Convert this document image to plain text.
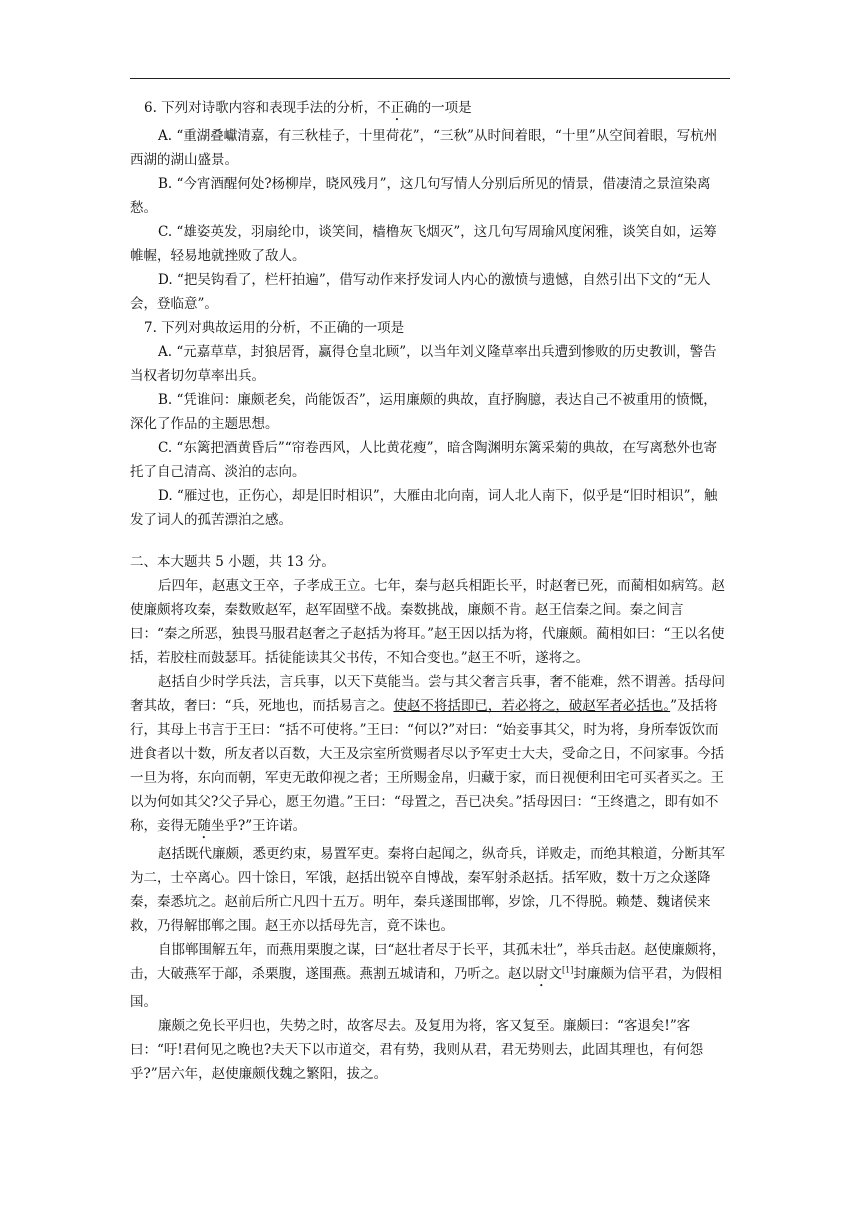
6. 下列对诗歌内容和表现手法的分析，不正确的一项是

A. “重湖叠巘清嘉，有三秋桂子，十里荷花”，“三秋”从时间着眼，“十里”从空间着眼，写杭州西湖的湖山盛景。

B. “今宵酒醒何处?杨柳岸，晓风残月”，这几句写情人分别后所见的情景，借凄清之景渲染离愁。

C. “雄姿英发，羽扇纶巾，谈笑间，樯橹灰飞烟灭”，这几句写周瑜风度闲雅，谈笑自如，运筹帷幄，轻易地就挫败了敌人。

D. “把吴钩看了，栏杆拍遍”，借写动作来抒发词人内心的激愤与遗憾，自然引出下文的“无人会，登临意”。

7. 下列对典故运用的分析，不正确的一项是

A. “元嘉草草，封狼居胥，赢得仓皇北顾”，以当年刘义隆草率出兵遭到惨败的历史教训，警告当权者切勿草率出兵。

B. “凭谁问：廉颇老矣，尚能饭否”，运用廉颇的典故，直抒胸臆，表达自己不被重用的愤慨，深化了作品的主题思想。

C. “东篱把酒黄昏后”“帘卷西风，人比黄花瘦”，暗含陶渊明东篱采菊的典故，在写离愁外也寄托了自己清高、淡泊的志向。

D. “雁过也，正伤心，却是旧时相识”，大雁由北向南，词人北人南下，似乎是“旧时相识”，触发了词人的孤苦漂泊之感。

二、本大题共 5 小题，共 13 分。

后四年，赵惠文王卒，子孝成王立。七年，秦与赵兵相距长平，时赵奢已死，而蔺相如病笃。赵使廉颇将攻秦，秦数败赵军，赵军固壁不战。秦数挑战，廉颇不肯。赵王信秦之间。秦之间言曰：“秦之所恶，独畏马服君赵奢之子赵括为将耳。”赵王因以括为将，代廉颇。蔺相如曰：“王以名使括，若胶柱而鼓瑟耳。括徒能读其父书传，不知合变也。”赵王不听，遂将之。

赵括自少时学兵法，言兵事，以天下莫能当。尝与其父奢言兵事，奢不能难，然不谓善。括母问奢其故，奢曰：“兵，死地也，而括易言之。使赵不将括即已，若必将之，破赵军者必括也。”及括将行，其母上书言于王曰：“括不可使将。”王曰：“何以?”对曰：“始妾事其父，时为将，身所奉饭饮而进食者以十数，所友者以百数，大王及宗室所赏赐者尽以予军吏士大夫，受命之日，不问家事。今括一旦为将，东向而朝，军吏无敢仰视之者；王所赐金帛，归藏于家，而日视便利田宅可买者买之。王以为何如其父?父子异心，愿王勿遣。”王曰：“母置之，吾已决矣。”括母因曰：“王终遣之，即有如不称，妾得无随坐乎?”王许诺。

赵括既代廉颇，悉更约束，易置军吏。秦将白起闻之，纵奇兵，详败走，而绝其粮道，分断其军为二，士卒离心。四十馀日，军饿，赵括出锐卒自博战，秦军射杀赵括。括军败，数十万之众遂降秦，秦悉坑之。赵前后所亡凡四十五万。明年，秦兵遂围邯郸，岁馀，几不得脱。赖楚、魏诸侯来救，乃得解邯郸之围。赵王亦以括母先言，竟不诛也。

自邯郸围解五年，而燕用栗腹之谋，曰“赵壮者尽于长平，其孤未壮”，举兵击赵。赵使廉颇将，击，大破燕军于鄗，杀栗腹，遂围燕。燕割五城请和，乃听之。赵以尉文[1]封廉颇为信平君，为假相国。

廉颇之免长平归也，失势之时，故客尽去。及复用为将，客又复至。廉颇曰：“客退矣!”客曰：“吁!君何见之晚也?夫天下以市道交，君有势，我则从君，君无势则去，此固其理也，有何怨乎?”居六年，赵使廉颇伐魏之繁阳，拔之。
